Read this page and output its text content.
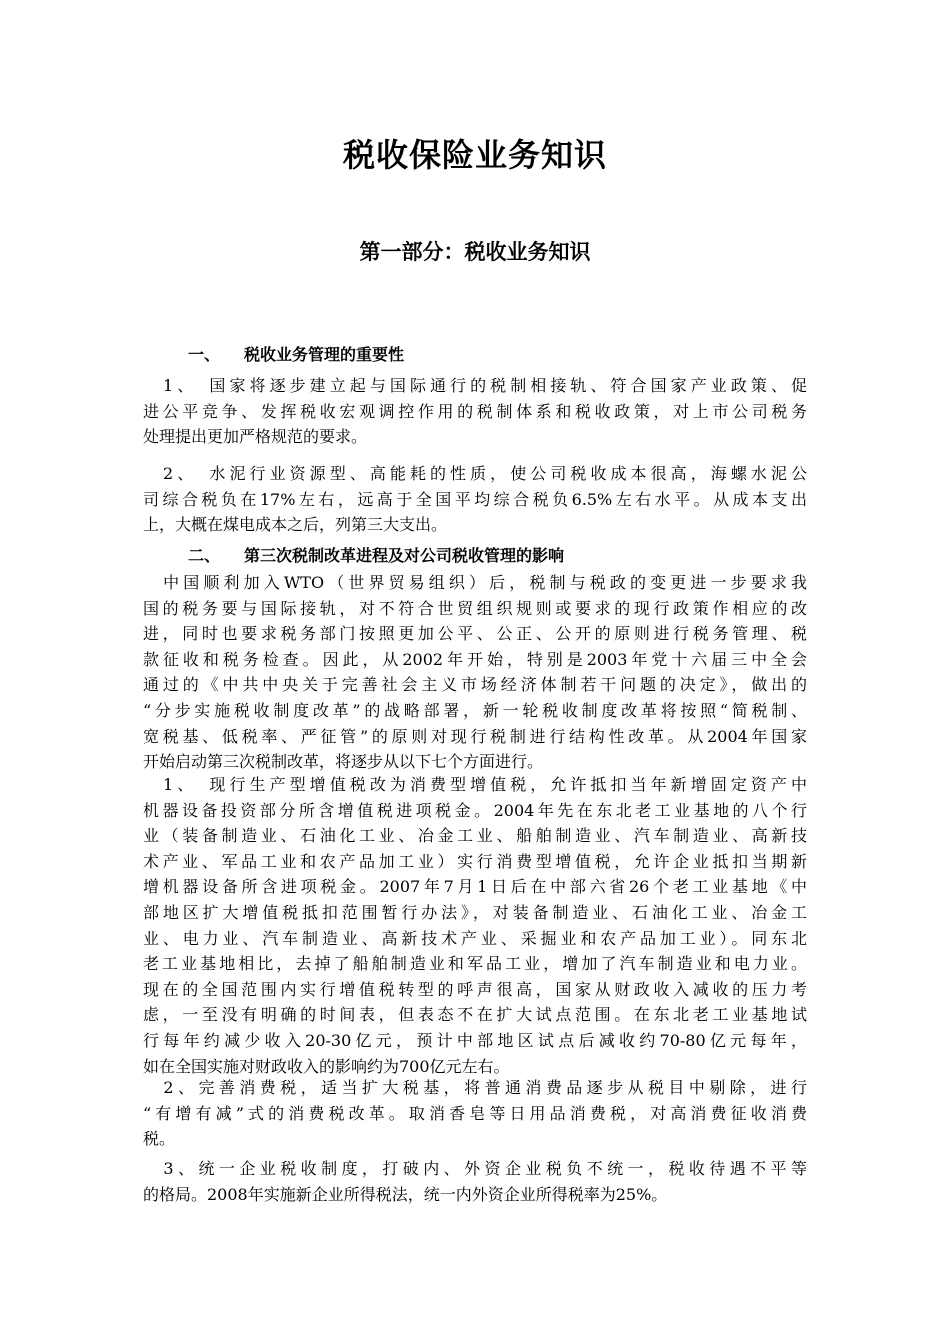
税收保险业务知识
第一部分：税收业务知识
一、 税收业务管理的重要性
　1、　国家将逐步建立起与国际通行的税制相接轨、符合国家产业政策、促
进公平竞争、发挥税收宏观调控作用的税制体系和税收政策，对上市公司税务
处理提出更加严格规范的要求。
　2、　水泥行业资源型、高能耗的性质，使公司税收成本很高，海螺水泥公
司综合税负在17%左右，远高于全国平均综合税负6.5%左右水平。从成本支出
上，大概在煤电成本之后，列第三大支出。
二、 第三次税制改革进程及对公司税收管理的影响
　中国顺利加入WTO（世界贸易组织）后，税制与税政的变更进一步要求我
国的税务要与国际接轨，对不符合世贸组织规则或要求的现行政策作相应的改
进，同时也要求税务部门按照更加公平、公正、公开的原则进行税务管理、税
款征收和税务检查。因此，从2002年开始，特别是2003年党十六届三中全会
通过的《中共中央关于完善社会主义市场经济体制若干问题的决定》，做出的
“分步实施税收制度改革”的战略部署，新一轮税收制度改革将按照“简税制、
宽税基、低税率、严征管”的原则对现行税制进行结构性改革。从2004年国家
开始启动第三次税制改革，将逐步从以下七个方面进行。
　1、　现行生产型增值税改为消费型增值税，允许抵扣当年新增固定资产中
机器设备投资部分所含增值税进项税金。2004年先在东北老工业基地的八个行
业（装备制造业、石油化工业、冶金工业、船舶制造业、汽车制造业、高新技
术产业、军品工业和农产品加工业）实行消费型增值税，允许企业抵扣当期新
增机器设备所含进项税金。2007年7月1日后在中部六省26个老工业基地《中
部地区扩大增值税抵扣范围暂行办法》，对装备制造业、石油化工业、冶金工
业、电力业、汽车制造业、高新技术产业、采掘业和农产品加工业）。同东北
老工业基地相比，去掉了船舶制造业和军品工业，增加了汽车制造业和电力业。
现在的全国范围内实行增值税转型的呼声很高，国家从财政收入减收的压力考
虑，一至没有明确的时间表，但表态不在扩大试点范围。在东北老工业基地试
行每年约减少收入20-30亿元，预计中部地区试点后减收约70-80亿元每年，
如在全国实施对财政收入的影响约为700亿元左右。
　2、完善消费税，适当扩大税基，将普通消费品逐步从税目中剔除，进行
“有增有减”式的消费税改革。取消香皂等日用品消费税，对高消费征收消费
税。
　3、统一企业税收制度，打破内、外资企业税负不统一，税收待遇不平等
的格局。2008年实施新企业所得税法，统一内外资企业所得税率为25%。
